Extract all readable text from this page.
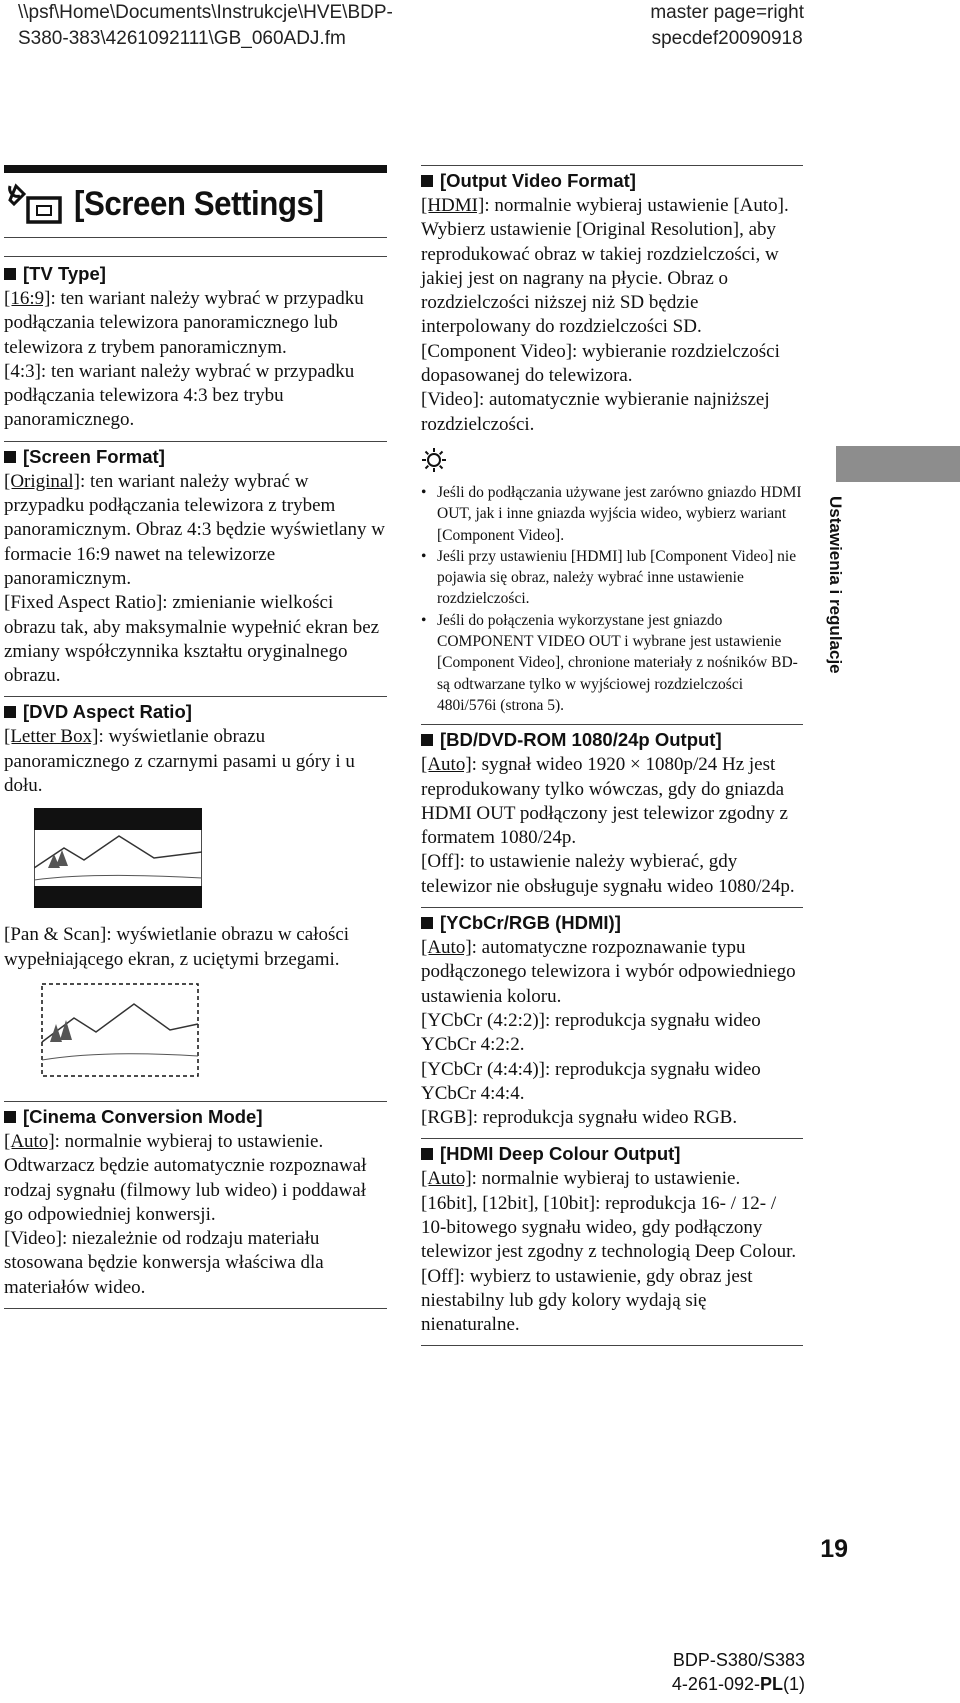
\\psf\Home\Documents\Instrukcje\HVE\BDP-
S380-383\4261092111\GB_060ADJ.fm
master page=right
specdef20090918
[Screen Settings]
[TV Type]

[16:9]: ten wariant należy wybrać w przypadku podłączania telewizora panoramicznego lub telewizora z trybem panoramicznym.

[4:3]: ten wariant należy wybrać w przypadku podłączania telewizora 4:3 bez trybu panoramicznego.

[Screen Format]

[Original]: ten wariant należy wybrać w przypadku podłączania telewizora z trybem panoramicznym. Obraz 4:3 będzie wyświetlany w formacie 16:9 nawet na telewizorze panoramicznym.

[Fixed Aspect Ratio]: zmienianie wielkości obrazu tak, aby maksymalnie wypełnić ekran bez zmiany współczynnika kształtu oryginalnego obrazu.

[DVD Aspect Ratio]

[Letter Box]: wyświetlanie obrazu panoramicznego z czarnymi pasami u góry i u dołu.

[Pan & Scan]: wyświetlanie obrazu w całości wypełniającego ekran, z uciętymi brzegami.

[Cinema Conversion Mode]

[Auto]: normalnie wybieraj to ustawienie. Odtwarzacz będzie automatycznie rozpoznawał rodzaj sygnału (filmowy lub wideo) i poddawał go odpowiedniej konwersji.

[Video]: niezależnie od rodzaju materiału stosowana będzie konwersja właściwa dla materiałów wideo.

[Output Video Format]

[HDMI]: normalnie wybieraj ustawienie [Auto].

Wybierz ustawienie [Original Resolution], aby reprodukować obraz w takiej rozdzielczości, w jakiej jest on nagrany na płycie. Obraz o rozdzielczości niższej niż SD będzie interpolowany do rozdzielczości SD.

[Component Video]: wybieranie rozdzielczości dopasowanej do telewizora.

[Video]: automatycznie wybieranie najniższej rozdzielczości.

• Jeśli do podłączania używane jest zarówno gniazdo HDMI OUT, jak i inne gniazda wyjścia wideo, wybierz wariant [Component Video].
• Jeśli przy ustawieniu [HDMI] lub [Component Video] nie pojawia się obraz, należy wybrać inne ustawienie rozdzielczości.
• Jeśli do połączenia wykorzystane jest gniazdo COMPONENT VIDEO OUT i wybrane jest ustawienie [Component Video], chronione materiały z nośników BD-są odtwarzane tylko w wyjściowej rozdzielczości 480i/576i (strona 5).
[BD/DVD-ROM 1080/24p Output]

[Auto]: sygnał wideo 1920 × 1080p/24 Hz jest reprodukowany tylko wówczas, gdy do gniazda HDMI OUT podłączony jest telewizor zgodny z formatem 1080/24p.

[Off]: to ustawienie należy wybierać, gdy telewizor nie obsługuje sygnału wideo 1080/24p.

[YCbCr/RGB (HDMI)]

[Auto]: automatyczne rozpoznawanie typu podłączonego telewizora i wybór odpowiedniego ustawienia koloru.

[YCbCr (4:2:2)]: reprodukcja sygnału wideo YCbCr 4:2:2.

[YCbCr (4:4:4)]: reprodukcja sygnału wideo YCbCr 4:4:4.

[RGB]: reprodukcja sygnału wideo RGB.

[HDMI Deep Colour Output]

[Auto]: normalnie wybieraj to ustawienie.

[16bit], [12bit], [10bit]: reprodukcja 16- / 12- / 10-bitowego sygnału wideo, gdy podłączony telewizor jest zgodny z technologią Deep Colour.

[Off]: wybierz to ustawienie, gdy obraz jest niestabilny lub gdy kolory wydają się nienaturalne.

Ustawienia i regulacje
19
BDP-S380/S383
4-261-092-PL(1)
